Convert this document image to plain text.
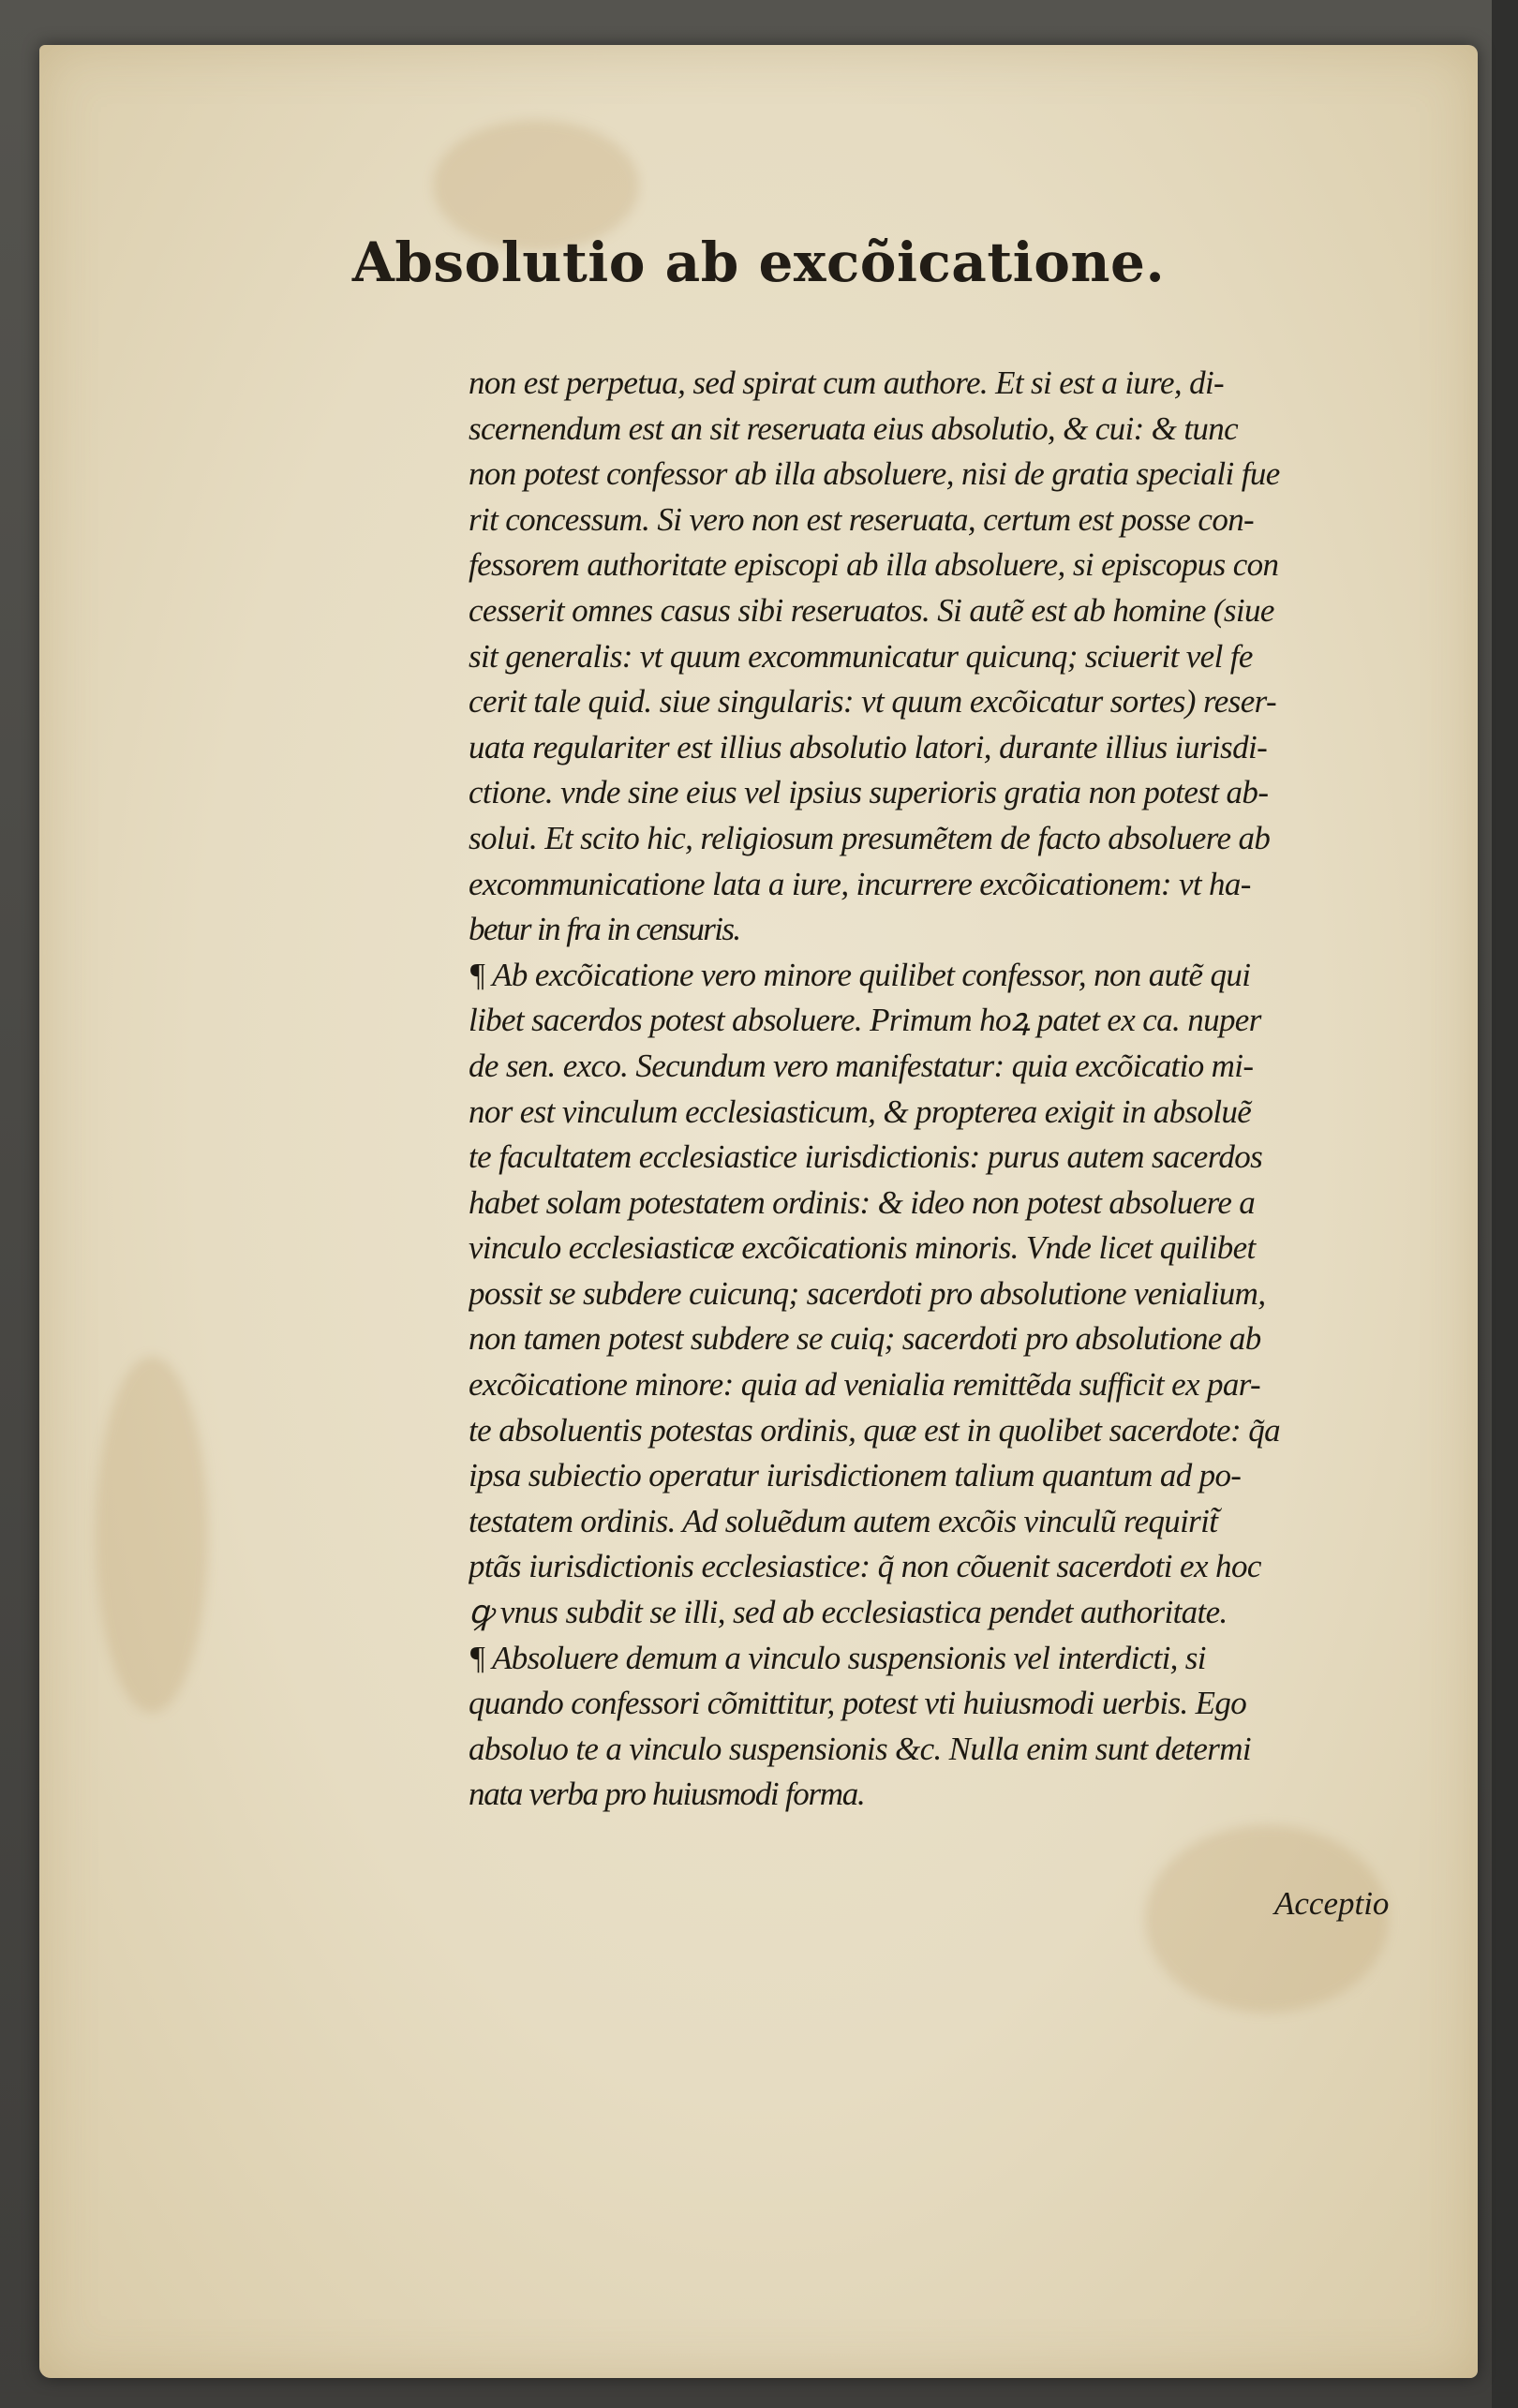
Absolutio ab excõicatione.
non est perpetua, sed spirat cum authore. Et si est a iure, di-
scernendum est an sit reseruata eius absolutio, & cui: & tunc
non potest confessor ab illa absoluere, nisi de gratia speciali fue
rit concessum. Si vero non est reseruata, certum est posse con-
fessorem authoritate episcopi ab illa absoluere, si episcopus con
cesserit omnes casus sibi reseruatos. Si autẽ est ab homine (siue
sit generalis: vt quum excommunicatur quicunq; sciuerit vel fe
cerit tale quid. siue singularis: vt quum excõicatur sortes) reser-
uata regulariter est illius absolutio latori, durante illius iurisdi-
ctione. vnde sine eius vel ipsius superioris gratia non potest ab-
solui. Et scito hic, religiosum presumẽtem de facto absoluere ab
excommunicatione lata a iure, incurrere excõicationem: vt ha-
betur in fra in censuris.
¶ Ab excõicatione vero minore quilibet confessor, non autẽ qui
libet sacerdos potest absoluere. Primum hoꝝ patet ex ca. nuper
de sen. exco. Secundum vero manifestatur: quia excõicatio mi-
nor est vinculum ecclesiasticum, & propterea exigit in absoluẽ
te facultatem ecclesiastice iurisdictionis: purus autem sacerdos
habet solam potestatem ordinis: & ideo non potest absoluere a
vinculo ecclesiasticæ excõicationis minoris. Vnde licet quilibet
possit se subdere cuicunq; sacerdoti pro absolutione venialium,
non tamen potest subdere se cuiq; sacerdoti pro absolutione ab
excõicatione minore: quia ad venialia remittẽda sufficit ex par-
te absoluentis potestas ordinis, quæ est in quolibet sacerdote: q̃a
ipsa subiectio operatur iurisdictionem talium quantum ad po-
testatem ordinis. Ad soluẽdum autem excõis vinculũ requirit̃
ptãs iurisdictionis ecclesiastice: q̃ non cõuenit sacerdoti ex hoc
ꝙ vnus subdit se illi, sed ab ecclesiastica pendet authoritate.
¶ Absoluere demum a vinculo suspensionis vel interdicti, si
quando confessori cõmittitur, potest vti huiusmodi uerbis. Ego
absoluo te a vinculo suspensionis &c. Nulla enim sunt determi
nata verba pro huiusmodi forma.
Acceptio
